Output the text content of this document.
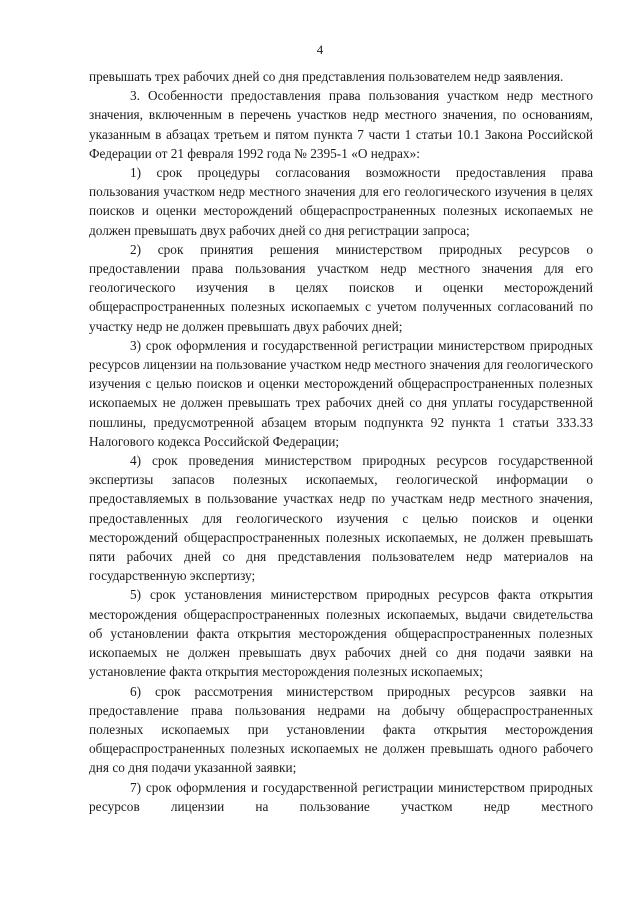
4

превышать трех рабочих дней со дня представления пользователем недр заявления.

3. Особенности предоставления права пользования участком недр местного значения, включенным в перечень участков недр местного значения, по основаниям, указанным в абзацах третьем и пятом пункта 7 части 1 статьи 10.1 Закона Российской Федерации от 21 февраля 1992 года № 2395-1 «О недрах»:

1) срок процедуры согласования возможности предоставления права пользования участком недр местного значения для его геологического изучения в целях поисков и оценки месторождений общераспространенных полезных ископаемых не должен превышать двух рабочих дней со дня регистрации запроса;

2) срок принятия решения министерством природных ресурсов о предоставлении права пользования участком недр местного значения для его геологического изучения в целях поисков и оценки месторождений общераспространенных полезных ископаемых с учетом полученных согласований по участку недр не должен превышать двух рабочих дней;

3) срок оформления и государственной регистрации министерством природных ресурсов лицензии на пользование участком недр местного значения для геологического изучения с целью поисков и оценки месторождений общераспространенных полезных ископаемых не должен превышать трех рабочих дней со дня уплаты государственной пошлины, предусмотренной абзацем вторым подпункта 92 пункта 1 статьи 333.33 Налогового кодекса Российской Федерации;

4) срок проведения министерством природных ресурсов государственной экспертизы запасов полезных ископаемых, геологической информации о предоставляемых в пользование участках недр по участкам недр местного значения, предоставленных для геологического изучения с целью поисков и оценки месторождений общераспространенных полезных ископаемых, не должен превышать пяти рабочих дней со дня представления пользователем недр материалов на государственную экспертизу;

5) срок установления министерством природных ресурсов факта открытия месторождения общераспространенных полезных ископаемых, выдачи свидетельства об установлении факта открытия месторождения общераспространенных полезных ископаемых не должен превышать двух рабочих дней со дня подачи заявки на установление факта открытия месторождения полезных ископаемых;

6) срок рассмотрения министерством природных ресурсов заявки на предоставление права пользования недрами на добычу общераспространенных полезных ископаемых при установлении факта открытия месторождения общераспространенных полезных ископаемых не должен превышать одного рабочего дня со дня подачи указанной заявки;

7) срок оформления и государственной регистрации министерством природных ресурсов лицензии на пользование участком недр местного
